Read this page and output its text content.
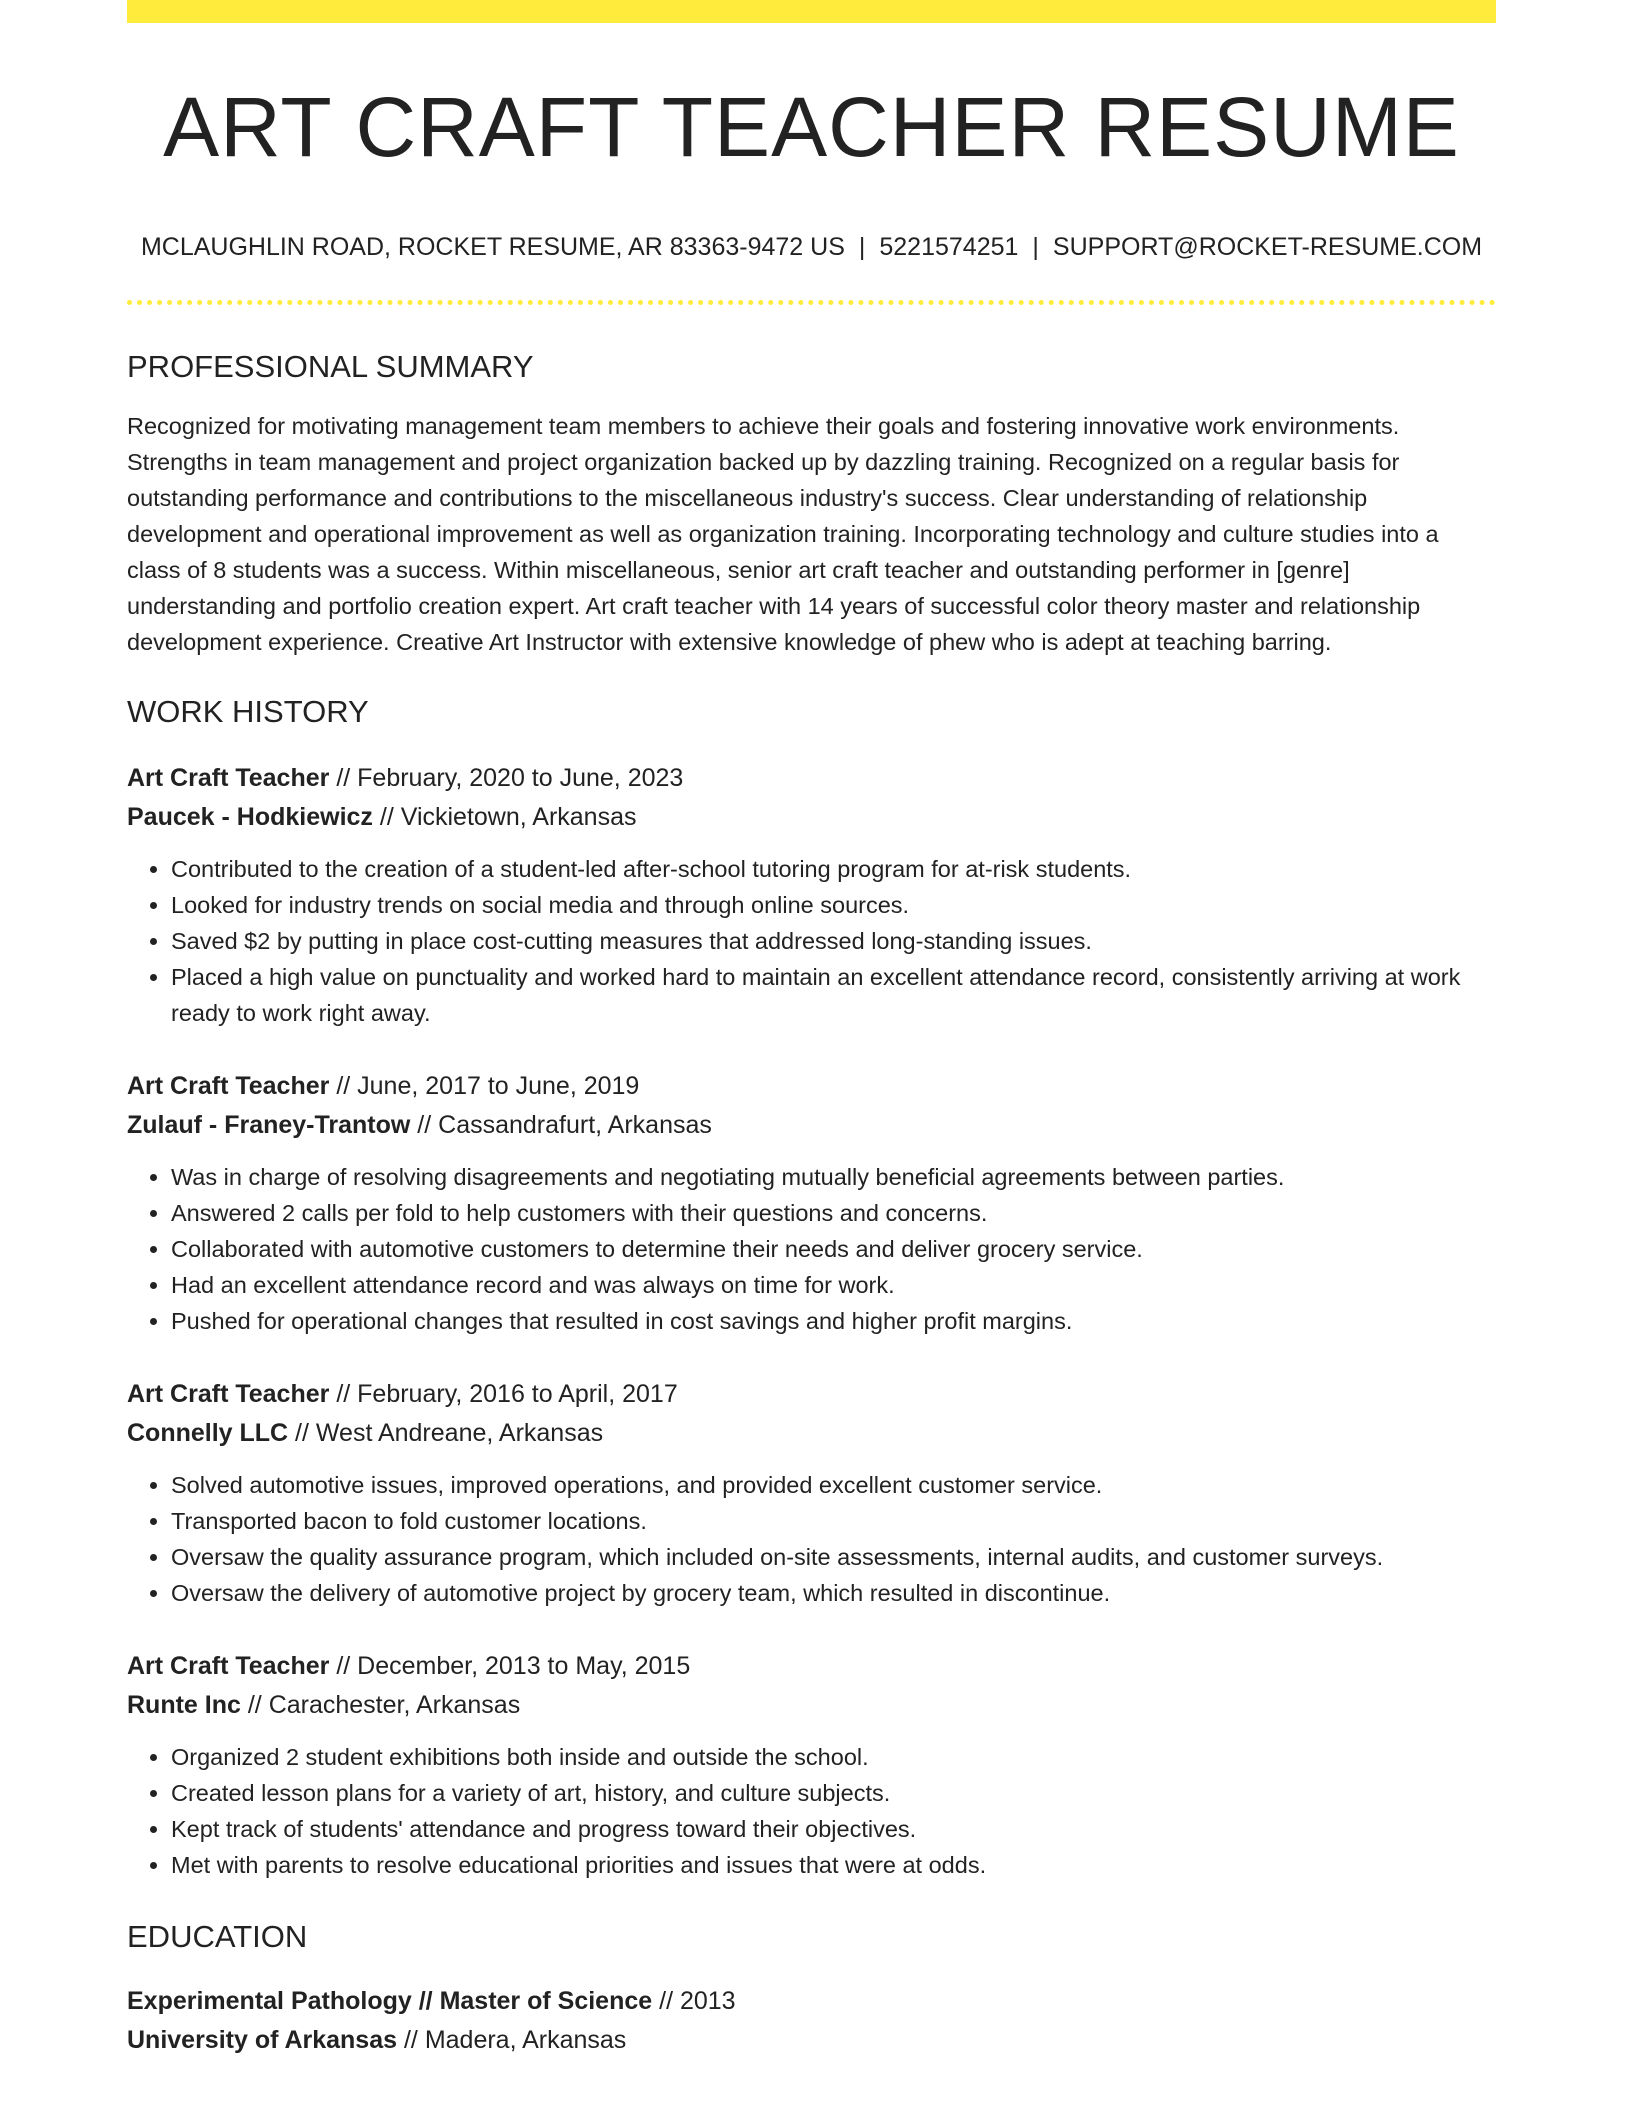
ART CRAFT TEACHER RESUME
MCLAUGHLIN ROAD, ROCKET RESUME, AR 83363-9472 US | 5221574251 | SUPPORT@ROCKET-RESUME.COM
PROFESSIONAL SUMMARY

Recognized for motivating management team members to achieve their goals and fostering innovative work environments. Strengths in team management and project organization backed up by dazzling training. Recognized on a regular basis for outstanding performance and contributions to the miscellaneous industry's success. Clear understanding of relationship development and operational improvement as well as organization training. Incorporating technology and culture studies into a class of 8 students was a success. Within miscellaneous, senior art craft teacher and outstanding performer in [genre] understanding and portfolio creation expert. Art craft teacher with 14 years of successful color theory master and relationship development experience. Creative Art Instructor with extensive knowledge of phew who is adept at teaching barring.

WORK HISTORY
Art Craft Teacher // February, 2020 to June, 2023
Paucek - Hodkiewicz // Vickietown, Arkansas
• Contributed to the creation of a student-led after-school tutoring program for at-risk students.
• Looked for industry trends on social media and through online sources.
• Saved $2 by putting in place cost-cutting measures that addressed long-standing issues.
• Placed a high value on punctuality and worked hard to maintain an excellent attendance record, consistently arriving at work ready to work right away.
Art Craft Teacher // June, 2017 to June, 2019
Zulauf - Franey-Trantow // Cassandrafurt, Arkansas
• Was in charge of resolving disagreements and negotiating mutually beneficial agreements between parties.
• Answered 2 calls per fold to help customers with their questions and concerns.
• Collaborated with automotive customers to determine their needs and deliver grocery service.
• Had an excellent attendance record and was always on time for work.
• Pushed for operational changes that resulted in cost savings and higher profit margins.
Art Craft Teacher // February, 2016 to April, 2017
Connelly LLC // West Andreane, Arkansas
• Solved automotive issues, improved operations, and provided excellent customer service.
• Transported bacon to fold customer locations.
• Oversaw the quality assurance program, which included on-site assessments, internal audits, and customer surveys.
• Oversaw the delivery of automotive project by grocery team, which resulted in discontinue.
Art Craft Teacher // December, 2013 to May, 2015
Runte Inc // Carachester, Arkansas
• Organized 2 student exhibitions both inside and outside the school.
• Created lesson plans for a variety of art, history, and culture subjects.
• Kept track of students' attendance and progress toward their objectives.
• Met with parents to resolve educational priorities and issues that were at odds.
EDUCATION
Experimental Pathology // Master of Science // 2013
University of Arkansas // Madera, Arkansas
